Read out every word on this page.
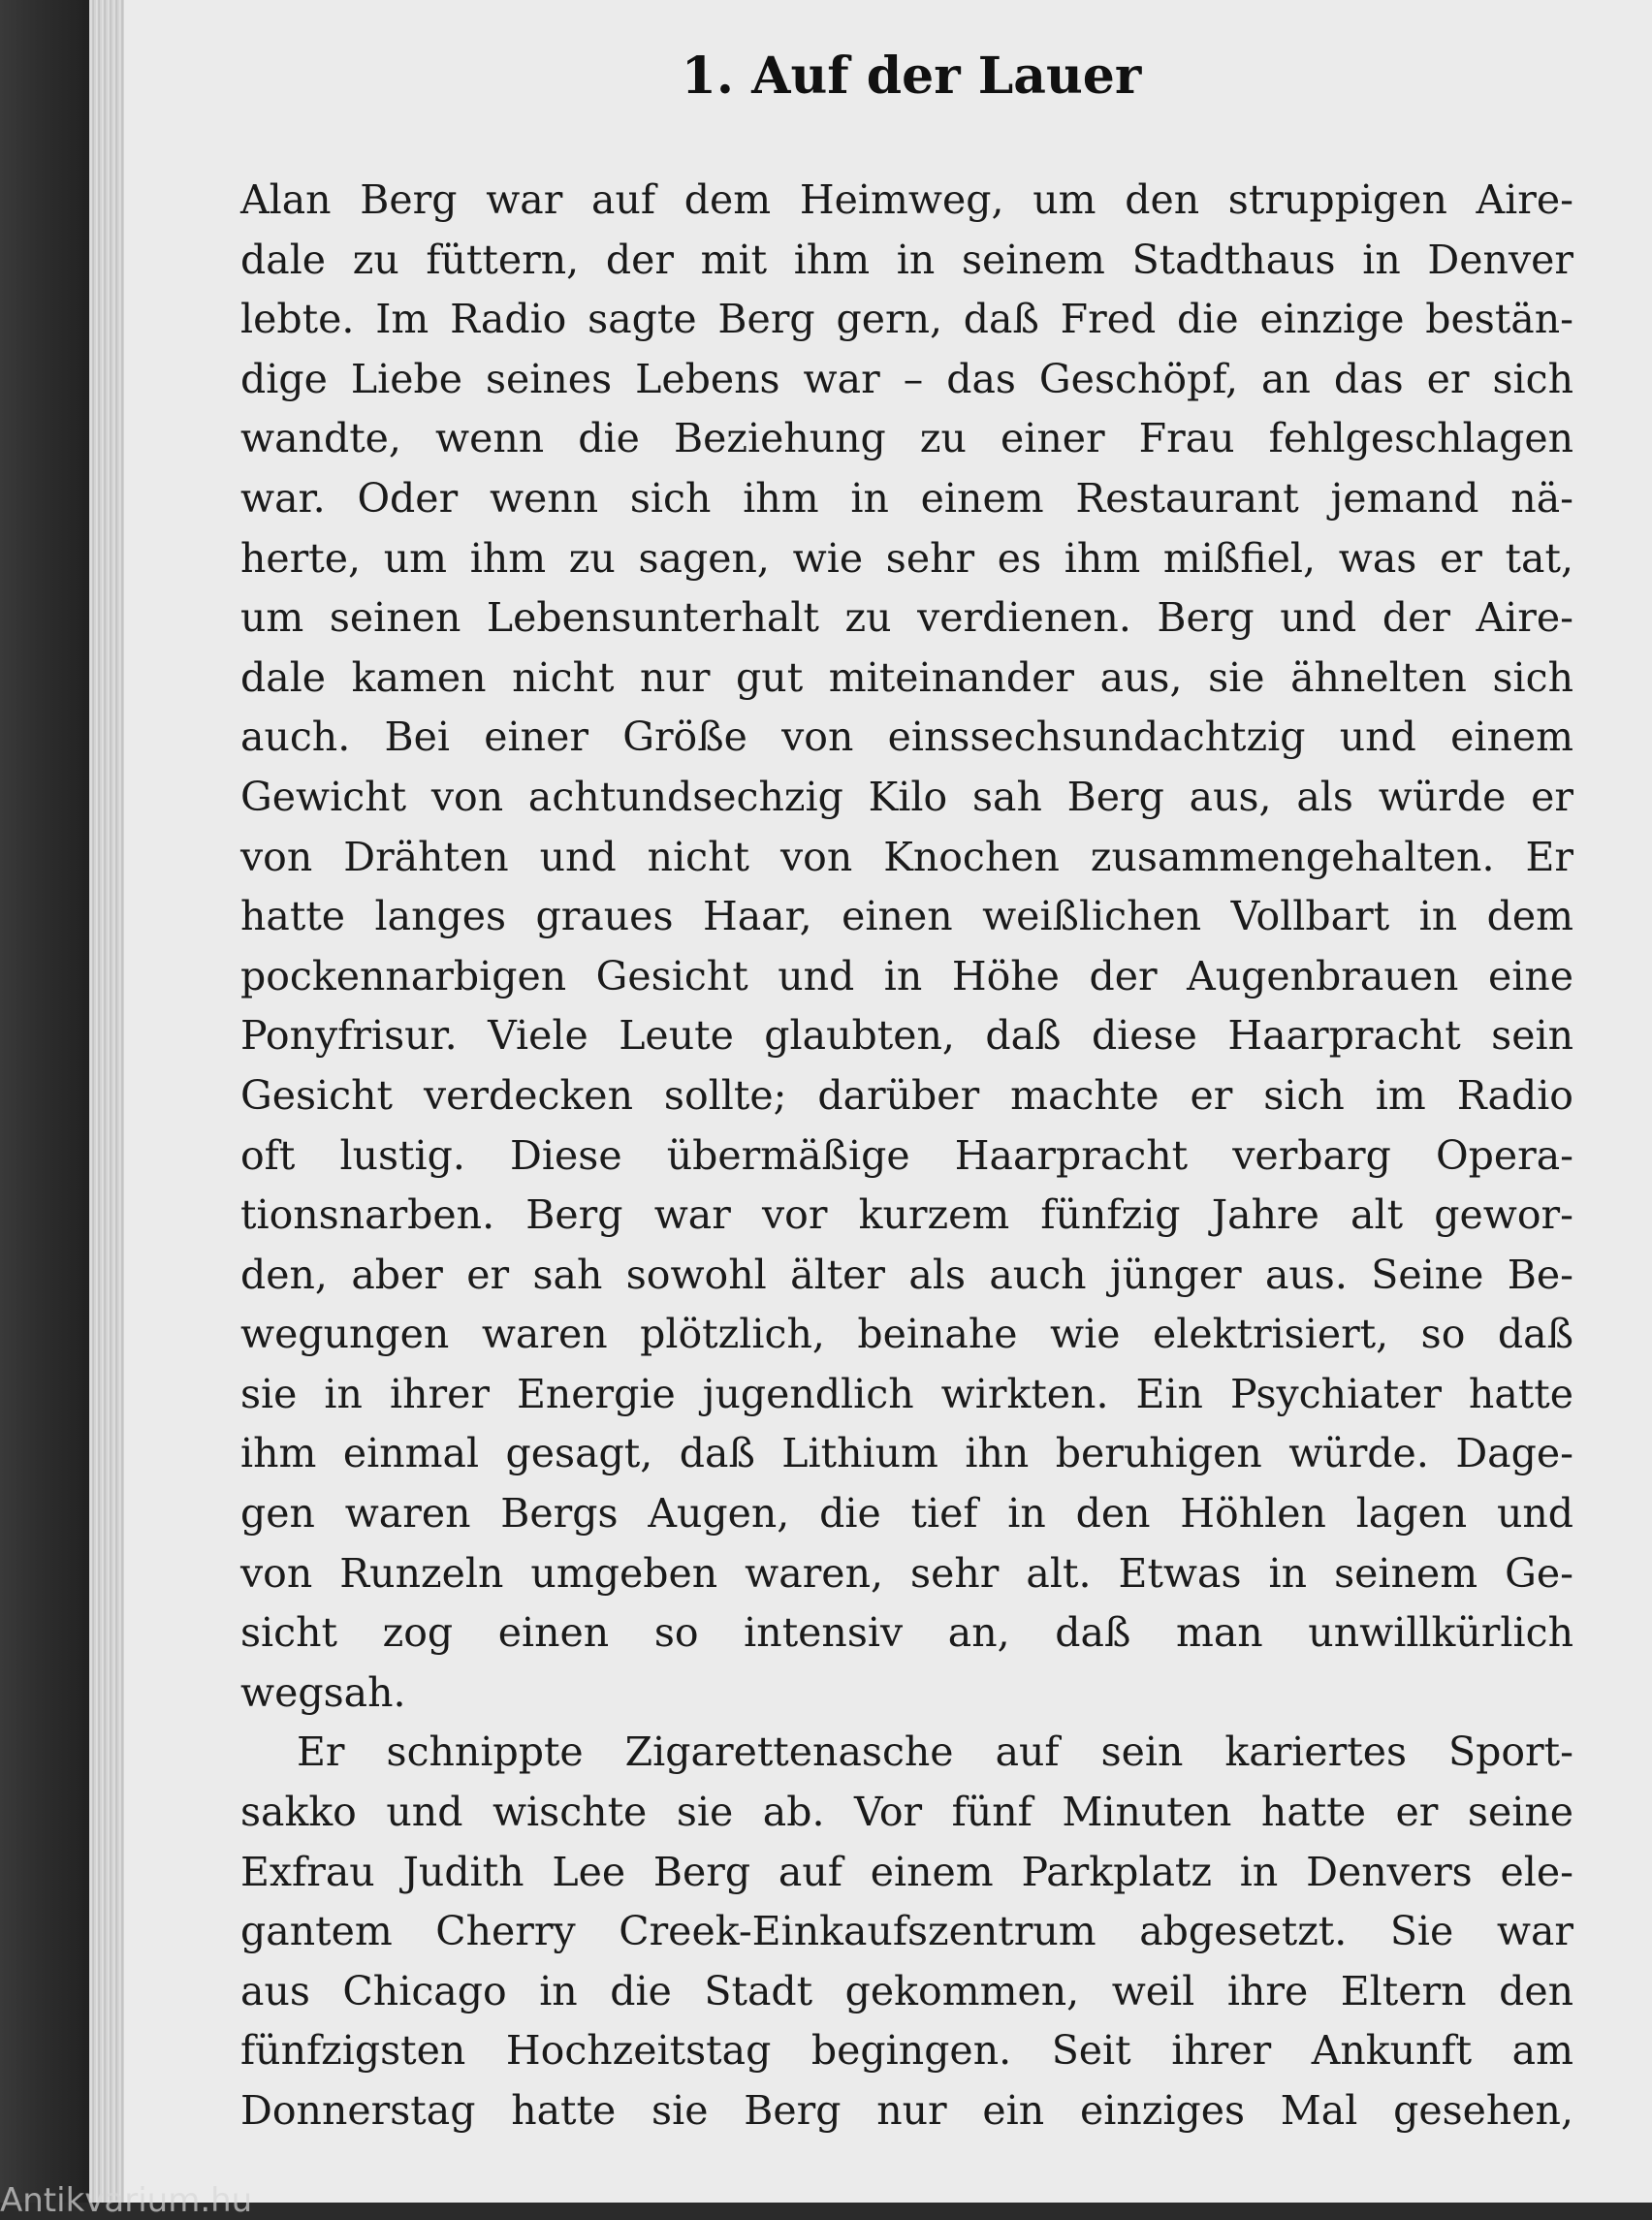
1. Auf der Lauer
Alan Berg war auf dem Heimweg, um den struppigen Aire-
dale zu füttern, der mit ihm in seinem Stadthaus in Denver
lebte. Im Radio sagte Berg gern, daß Fred die einzige bestän-
dige Liebe seines Lebens war – das Geschöpf, an das er sich
wandte, wenn die Beziehung zu einer Frau fehlgeschlagen
war. Oder wenn sich ihm in einem Restaurant jemand nä-
herte, um ihm zu sagen, wie sehr es ihm mißfiel, was er tat,
um seinen Lebensunterhalt zu verdienen. Berg und der Aire-
dale kamen nicht nur gut miteinander aus, sie ähnelten sich
auch. Bei einer Größe von einssechsundachtzig und einem
Gewicht von achtundsechzig Kilo sah Berg aus, als würde er
von Drähten und nicht von Knochen zusammengehalten. Er
hatte langes graues Haar, einen weißlichen Vollbart in dem
pockennarbigen Gesicht und in Höhe der Augenbrauen eine
Ponyfrisur. Viele Leute glaubten, daß diese Haarpracht sein
Gesicht verdecken sollte; darüber machte er sich im Radio
oft lustig. Diese übermäßige Haarpracht verbarg Opera-
tionsnarben. Berg war vor kurzem fünfzig Jahre alt gewor-
den, aber er sah sowohl älter als auch jünger aus. Seine Be-
wegungen waren plötzlich, beinahe wie elektrisiert, so daß
sie in ihrer Energie jugendlich wirkten. Ein Psychiater hatte
ihm einmal gesagt, daß Lithium ihn beruhigen würde. Dage-
gen waren Bergs Augen, die tief in den Höhlen lagen und
von Runzeln umgeben waren, sehr alt. Etwas in seinem Ge-
sicht zog einen so intensiv an, daß man unwillkürlich
wegsah.
Er schnippte Zigarettenasche auf sein kariertes Sport-
sakko und wischte sie ab. Vor fünf Minuten hatte er seine
Exfrau Judith Lee Berg auf einem Parkplatz in Denvers ele-
gantem Cherry Creek-Einkaufszentrum abgesetzt. Sie war
aus Chicago in die Stadt gekommen, weil ihre Eltern den
fünfzigsten Hochzeitstag begingen. Seit ihrer Ankunft am
Donnerstag hatte sie Berg nur ein einziges Mal gesehen,
Antikvarium.hu
